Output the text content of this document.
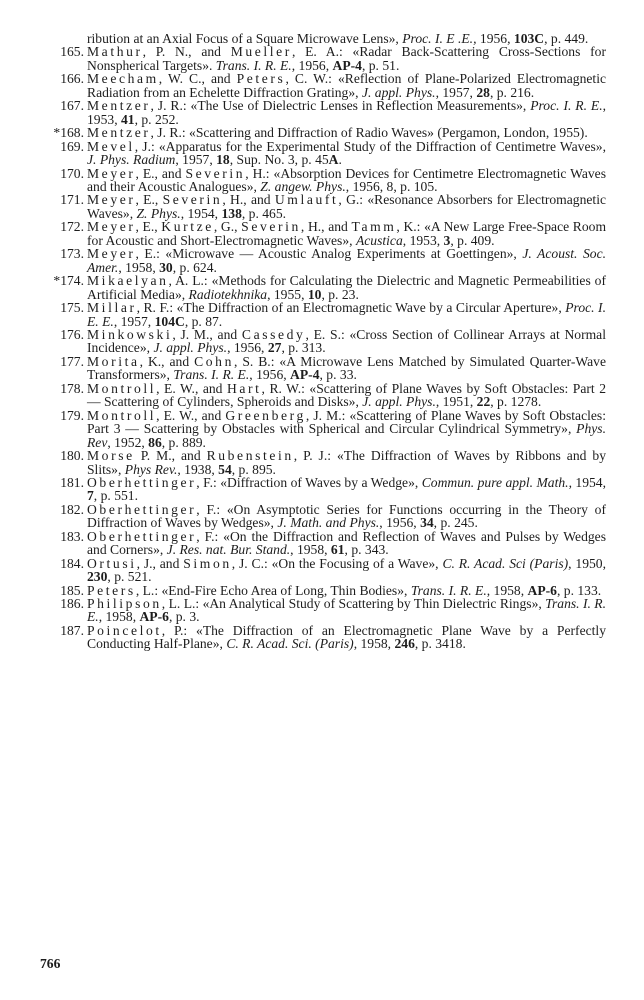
ribution at an Axial Focus of a Square Microwave Lens», Proc. I. E .E., 1956, 103C, p. 449.
165. Mathur, P. N., and Mueller, E. A.: «Radar Back-Scattering Cross-Sections for Nonspherical Targets». Trans. I. R. E., 1956, AP-4, p. 51.
166. Meecham, W. C., and Peters, C. W.: «Reflection of Plane-Polarized Electromagnetic Radiation from an Echelette Diffraction Grating», J. appl. Phys., 1957, 28, p. 216.
167. Mentzer, J. R.: «The Use of Dielectric Lenses in Reflection Measurements», Proc. I. R. E., 1953, 41, p. 252.
*168. Mentzer, J. R.: «Scattering and Diffraction of Radio Waves» (Pergamon, London, 1955).
169. Mevel, J.: «Apparatus for the Experimental Study of the Diffraction of Centimetre Waves», J. Phys. Radium, 1957, 18, Sup. No. 3, p. 45A.
170. Meyer, E., and Severin, H.: «Absorption Devices for Centimetre Electromagnetic Waves and their Acoustic Analogues», Z. angew. Phys., 1956, 8, p. 105.
171. Meyer, E., Severin, H., and Umlauft, G.: «Resonance Absorbers for Electromagnetic Waves», Z. Phys., 1954, 138, p. 465.
172. Meyer, E., Kurtze, G., Severin, H., and Tamm, K.: «A New Large Free-Space Room for Acoustic and Short-Electromagnetic Waves», Acustica, 1953, 3, p. 409.
173. Meyer, E.: «Microwave — Acoustic Analog Experiments at Goettingen», J. Acoust. Soc. Amer., 1958, 30, p. 624.
*174. Mikaelyan, A. L.: «Methods for Calculating the Dielectric and Magnetic Permeabilities of Artificial Media», Radiotekhnika, 1955, 10, p. 23.
175. Millar, R. F.: «The Diffraction of an Electromagnetic Wave by a Circular Aperture», Proc. I. E. E., 1957, 104C, p. 87.
176. Minkowski, J. M., and Cassedy, E. S.: «Cross Section of Collinear Arrays at Normal Incidence», J. appl. Phys., 1956, 27, p. 313.
177. Morita, K., and Cohn, S. B.: «A Microwave Lens Matched by Simulated Quarter-Wave Transformers», Trans. I. R. E., 1956, AP-4, p. 33.
178. Montroll, E. W., and Hart, R. W.: «Scattering of Plane Waves by Soft Obstacles: Part 2 — Scattering of Cylinders, Spheroids and Disks», J. appl. Phys., 1951, 22, p. 1278.
179. Montroll, E. W., and Greenberg, J. M.: «Scattering of Plane Waves by Soft Obstacles: Part 3 — Scattering by Obstacles with Spherical and Circular Cylindrical Symmetry», Phys. Rev, 1952, 86, p. 889.
180. Morse P. M., and Rubenstein, P. J.: «The Diffraction of Waves by Ribbons and by Slits», Phys Rev., 1938, 54, p. 895.
181. Oberhettinger, F.: «Diffraction of Waves by a Wedge», Commun. pure appl. Math., 1954, 7, p. 551.
182. Oberhettinger, F.: «On Asymptotic Series for Functions occurring in the Theory of Diffraction of Waves by Wedges», J. Math. and Phys., 1956, 34, p. 245.
183. Oberhettinger, F.: «On the Diffraction and Reflection of Waves and Pulses by Wedges and Corners», J. Res. nat. Bur. Stand., 1958, 61, p. 343.
184. Ortusi, J., and Simon, J. C.: «On the Focusing of a Wave», C. R. Acad. Sci (Paris), 1950, 230, p. 521.
185. Peters, L.: «End-Fire Echo Area of Long, Thin Bodies», Trans. I. R. E., 1958, AP-6, p. 133.
186. Philipson, L. L.: «An Analytical Study of Scattering by Thin Dielectric Rings», Trans. I. R. E., 1958, AP-6, p. 3.
187. Poincelot, P.: «The Diffraction of an Electromagnetic Plane Wave by a Perfectly Conducting Half-Plane», C. R. Acad. Sci. (Paris), 1958, 246, p. 3418.
766
